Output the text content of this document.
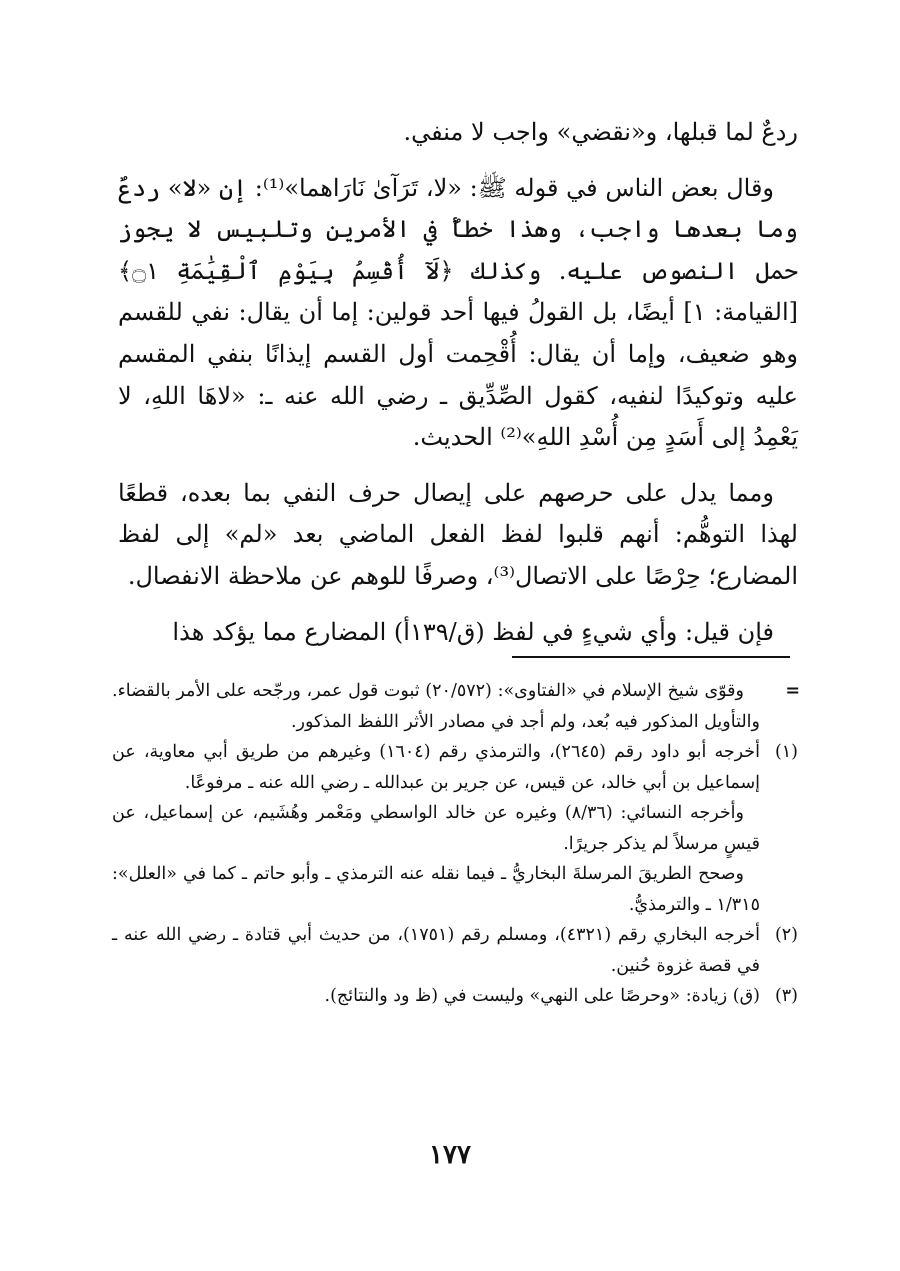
ردعٌ لما قبلها، و«نقضي» واجب لا منفي.

وقال بعض الناس في قوله ﷺ: «لا، تَرَآىٰ نَارَاهما»⁽¹⁾: إن «لا» ردعٌ وما بعدها واجب، وهذا خطأٌ في الأمرين وتلبيس لا يجوز حمل النصوص عليه. وكذلك ﴿لَآ أُقْسِمُ بِيَوْمِ ٱلْقِيَٰمَةِ ۝١﴾ [القيامة: ١] أيضًا، بل القولُ فيها أحد قولين: إما أن يقال: نفي للقسم وهو ضعيف، وإما أن يقال: أُقْحِمت أول القسم إيذانًا بنفي المقسم عليه وتوكيدًا لنفيه، كقول الصِّدِّيق ـ رضي الله عنه ـ: «لاهَا اللهِ، لا يَعْمِدُ إلى أَسَدٍ مِن أُسْدِ اللهِ»⁽²⁾ الحديث.

ومما يدل على حرصهم على إيصال حرف النفي بما بعده، قطعًا لهذا التوهُّم: أنهم قلبوا لفظ الفعل الماضي بعد «لم» إلى لفظ المضارع؛ حِرْصًا على الاتصال⁽³⁾، وصرفًا للوهم عن ملاحظة الانفصال.

فإن قيل: وأي شيءٍ في لفظ (ق/١٣٩أ) المضارع مما يؤكد هذا

=

وقوّى شيخ الإسلام في «الفتاوى»: (٢٠/٥٧٢) ثبوت قول عمر، ورجّحه على الأمر بالقضاء. والتأويل المذكور فيه بُعد، ولم أجد في مصادر الأثر اللفظ المذكور.

(١)

أخرجه أبو داود رقم (٢٦٤٥)، والترمذي رقم (١٦٠٤) وغيرهم من طريق أبي معاوية، عن إسماعيل بن أبي خالد، عن قيس، عن جرير بن عبدالله ـ رضي الله عنه ـ مرفوعًا.

وأخرجه النسائي: (٨/٣٦) وغيره عن خالد الواسطي ومَعْمر وهُشَيم، عن إسماعيل، عن قيسٍ مرسلاً لم يذكر جريرًا.

وصحح الطريقَ المرسلةَ البخاريُّ ـ فيما نقله عنه الترمذي ـ وأبو حاتم ـ كما في «العلل»: ١/٣١٥ ـ والترمذيُّ.

(٢)

أخرجه البخاري رقم (٤٣٢١)، ومسلم رقم (١٧٥١)، من حديث أبي قتادة ـ رضي الله عنه ـ في قصة غزوة حُنين.

(٣)

(ق) زيادة: «وحرصًا على النهي» وليست في (ظ ود والنتائج).

١٧٧
